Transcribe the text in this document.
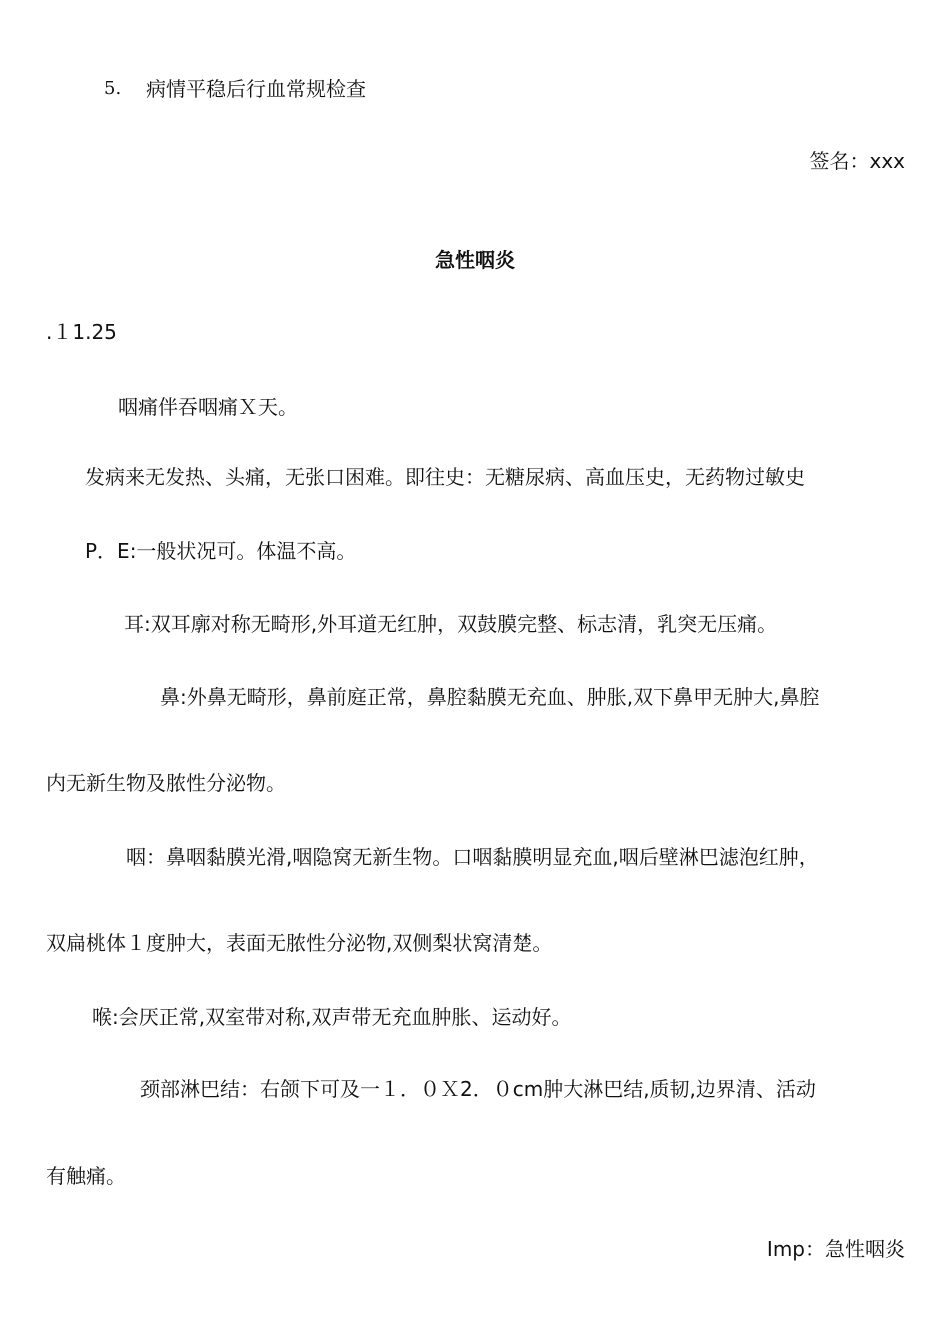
5. 病情平稳后行血常规检查
签名：xxx
急性咽炎
.１1.25
咽痛伴吞咽痛Ｘ天。
发病来无发热、头痛，无张口困难。即往史：无糖尿病、高血压史，无药物过敏史
P．E:一般状况可。体温不高。
耳:双耳廓对称无畸形,外耳道无红肿，双鼓膜完整、标志清，乳突无压痛。
鼻:外鼻无畸形，鼻前庭正常，鼻腔黏膜无充血、肿胀,双下鼻甲无肿大,鼻腔
内无新生物及脓性分泌物。
咽：鼻咽黏膜光滑,咽隐窝无新生物。口咽黏膜明显充血,咽后壁淋巴滤泡红肿，
双扁桃体１度肿大，表面无脓性分泌物,双侧梨状窝清楚。
喉:会厌正常,双室带对称,双声带无充血肿胀、运动好。
颈部淋巴结：右颌下可及一１．０Ｘ2．０cm肿大淋巴结,质韧,边界清、活动
有触痛。
Imp：急性咽炎
